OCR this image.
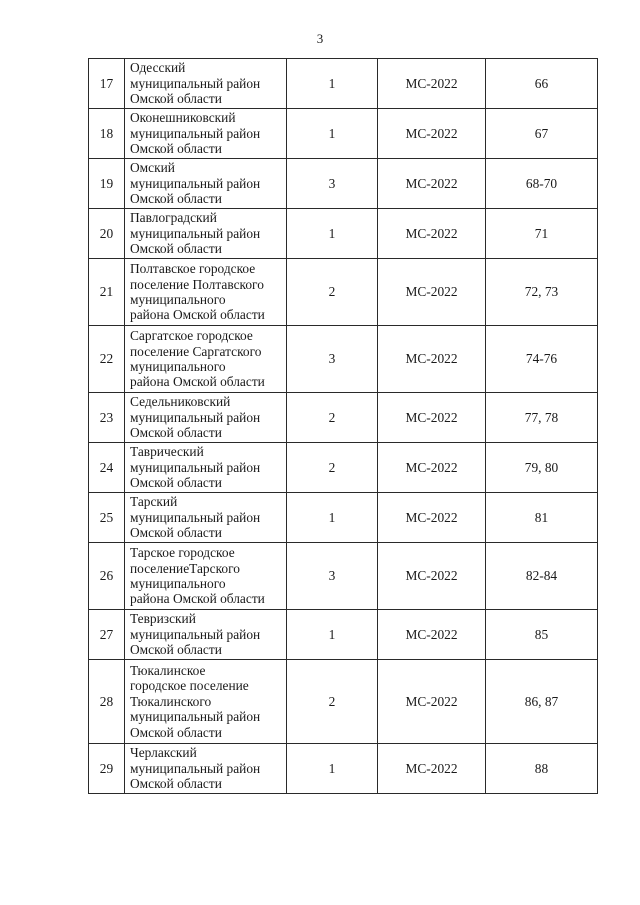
3
17	Одесский
муниципальный район
Омской области	1	МС-2022	66
18	Оконешниковский
муниципальный район
Омской области	1	МС-2022	67
19	Омский
муниципальный район
Омской области	3	МС-2022	68-70
20	Павлоградский
муниципальный район
Омской области	1	МС-2022	71
21	Полтавское городское
поселение Полтавского
муниципального
района Омской области	2	МС-2022	72, 73
22	Саргатское городское
поселение Саргатского
муниципального
района Омской области	3	МС-2022	74-76
23	Седельниковский
муниципальный район
Омской области	2	МС-2022	77, 78
24	Таврический
муниципальный район
Омской области	2	МС-2022	79, 80
25	Тарский
муниципальный район
Омской области	1	МС-2022	81
26	Тарское городское
поселениеТарского
муниципального
района Омской области	3	МС-2022	82-84
27	Тевризский
муниципальный район
Омской области	1	МС-2022	85
28	Тюкалинское
городское поселение
Тюкалинского
муниципальный район
Омской области	2	МС-2022	86, 87
29	Черлакский
муниципальный район
Омской области	1	МС-2022	88
